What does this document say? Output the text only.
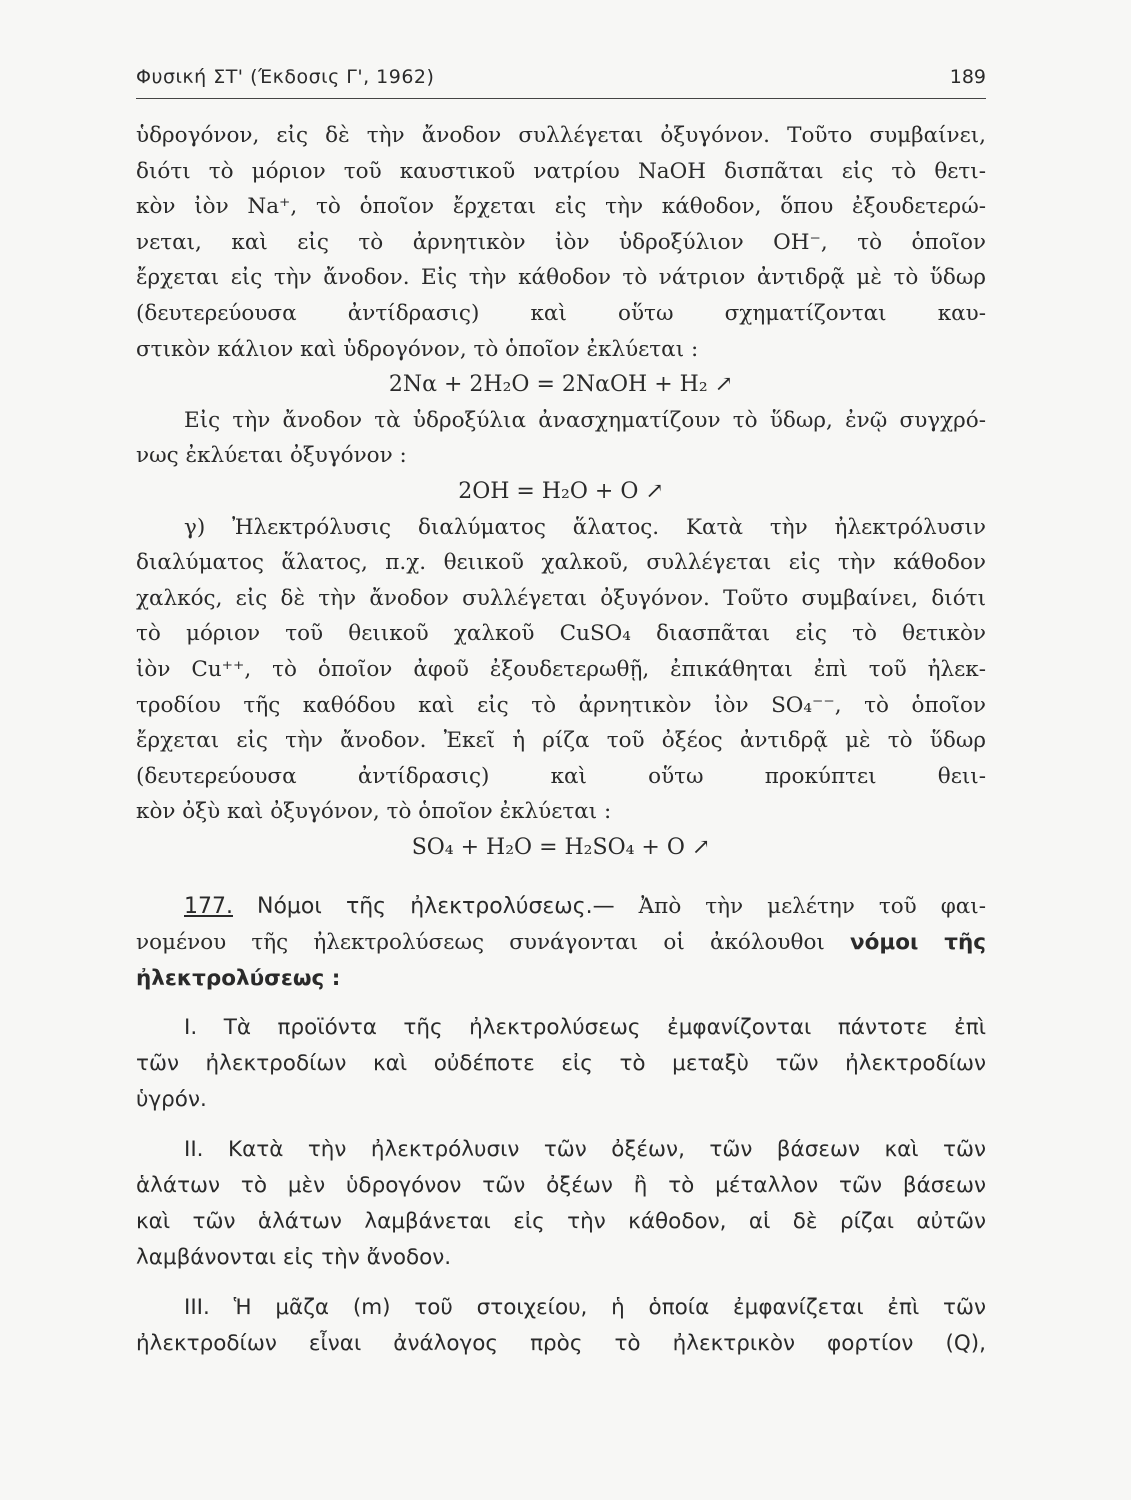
Φυσική ΣΤ' (Έκδοσις Γ', 1962)	189
ὑδρογόνον, εἰς δὲ τὴν ἄνοδον συλλέγεται ὀξυγόνον. Τοῦτο συμβαίνει,
διότι τὸ μόριον τοῦ καυστικοῦ νατρίου NaOH δισπᾶται εἰς τὸ θετι-
κὸν ἰὸν Na⁺, τὸ ὁποῖον ἔρχεται εἰς τὴν κάθοδον, ὅπου ἐξουδετερώ-
νεται, καὶ εἰς τὸ ἀρνητικὸν ἰὸν ὑδροξύλιον OH⁻, τὸ ὁποῖον
ἔρχεται εἰς τὴν ἄνοδον. Εἰς τὴν κάθοδον τὸ νάτριον ἀντιδρᾷ μὲ τὸ ὕδωρ
(δευτερεύουσα ἀντίδρασις) καὶ οὕτω σχηματίζονται καυ-
στικὸν κάλιον καὶ ὑδρογόνον, τὸ ὁποῖον ἐκλύεται :
2Nα + 2H₂O = 2NαOH + H₂ ↗
Εἰς τὴν ἄνοδον τὰ ὑδροξύλια ἀνασχηματίζουν τὸ ὕδωρ, ἐνῷ συγχρό-
νως ἐκλύεται ὀξυγόνον :
2OH = H₂O + O ↗
γ) Ἠλεκτρόλυσις διαλύματος ἅλατος. Κατὰ τὴν ἠλεκτρόλυσιν
διαλύματος ἅλατος, π.χ. θειικοῦ χαλκοῦ, συλλέγεται εἰς τὴν κάθοδον
χαλκός, εἰς δὲ τὴν ἄνοδον συλλέγεται ὀξυγόνον. Τοῦτο συμβαίνει, διότι
τὸ μόριον τοῦ θειικοῦ χαλκοῦ CuSO₄ διασπᾶται εἰς τὸ θετικὸν
ἰὸν Cu⁺⁺, τὸ ὁποῖον ἀφοῦ ἐξουδετερωθῇ, ἐπικάθηται ἐπὶ τοῦ ἠλεκ-
τροδίου τῆς καθόδου καὶ εἰς τὸ ἀρνητικὸν ἰὸν SO₄⁻⁻, τὸ ὁποῖον
ἔρχεται εἰς τὴν ἄνοδον. Ἐκεῖ ἡ ρίζα τοῦ ὀξέος ἀντιδρᾷ μὲ τὸ ὕδωρ
(δευτερεύουσα ἀντίδρασις) καὶ οὕτω προκύπτει θειι-
κὸν ὀξὺ καὶ ὀξυγόνον, τὸ ὁποῖον ἐκλύεται :
SO₄ + H₂O = H₂SO₄ + O ↗
177. Νόμοι τῆς ἠλεκτρολύσεως.— Ἀπὸ τὴν μελέτην τοῦ φαι-
νομένου τῆς ἠλεκτρολύσεως συνάγονται οἱ ἀκόλουθοι νόμοι τῆς
ἠλεκτρολύσεως :
I. Τὰ προϊόντα τῆς ἠλεκτρολύσεως ἐμφανίζονται πάντοτε ἐπὶ
τῶν ἠλεκτροδίων καὶ οὐδέποτε εἰς τὸ μεταξὺ τῶν ἠλεκτροδίων
ὑγρόν.
II. Κατὰ τὴν ἠλεκτρόλυσιν τῶν ὀξέων, τῶν βάσεων καὶ τῶν
ἁλάτων τὸ μὲν ὑδρογόνον τῶν ὀξέων ἢ τὸ μέταλλον τῶν βάσεων
καὶ τῶν ἁλάτων λαμβάνεται εἰς τὴν κάθοδον, αἱ δὲ ρίζαι αὐτῶν
λαμβάνονται εἰς τὴν ἄνοδον.
III. Ἡ μᾶζα (m) τοῦ στοιχείου, ἡ ὁποία ἐμφανίζεται ἐπὶ τῶν
ἠλεκτροδίων εἶναι ἀνάλογος πρὸς τὸ ἠλεκτρικὸν φορτίον (Q),
